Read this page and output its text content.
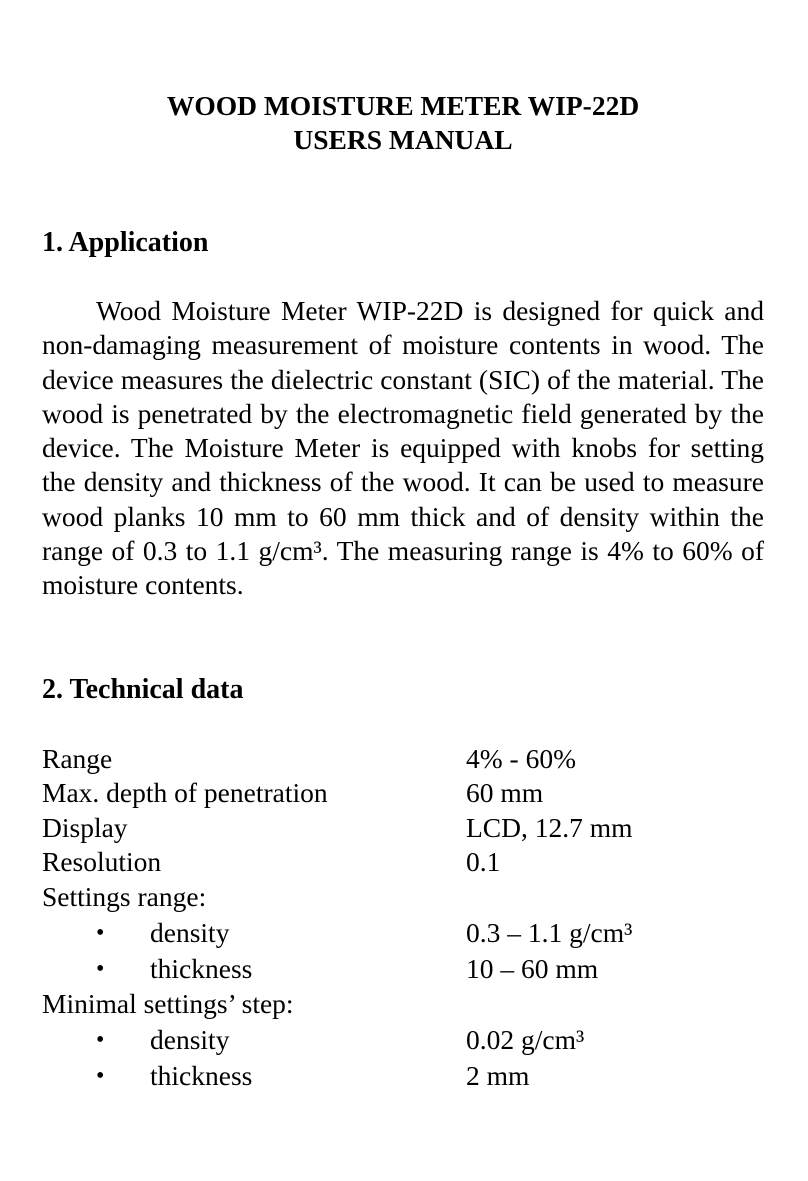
WOOD MOISTURE METER WIP-22D
USERS MANUAL
1. Application

Wood Moisture Meter WIP-22D is designed for quick and non-damaging measurement of moisture contents in wood. The device measures the dielectric constant (SIC) of the material. The wood is penetrated by the electromagnetic field generated by the device. The Moisture Meter is equipped with knobs for setting the density and thickness of the wood. It can be used to measure wood planks 10 mm to 60 mm thick and of density within the range of 0.3 to 1.1 g/cm³. The measuring range is 4% to 60% of moisture contents.

2. Technical data
Range	4% - 60%
Max. depth of penetration	60 mm
Display	LCD, 12.7 mm
Resolution	0.1
Settings range:
• density	0.3 – 1.1 g/cm³
• thickness	10 – 60 mm
Minimal settings’ step:
• density	0.02 g/cm³
• thickness	2 mm
